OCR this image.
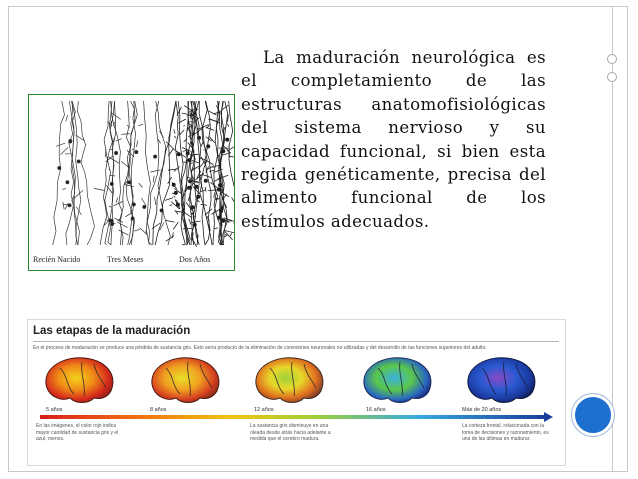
La maduración neurológica es el completamiento de las estructuras anatomofisiológicas del sistema nervioso y su capacidad funcional, si bien esta regida genéticamente, precisa del alimento funcional de los estímulos adecuados.
Recién Nacido	Tres Meses	Dos Años
Las etapas de la maduración
En el proceso de maduración se produce una pérdida de sustancia gris. Esto sería producto de la eliminación de conexiones neuronales no utilizadas y del desarrollo de las funciones superiores del adulto.
5 años	8 años	12 años	16 años	Más de 20 años
En las imágenes, el color rojo indica mayor cantidad de sustancia gris y el azul, menos.
La sustancia gris disminuye en una oleada desde atrás hacia adelante a medida que el cerebro madura.
La corteza frontal, relacionada con la toma de decisiones y razonamiento, es una de las últimas en madurar.
